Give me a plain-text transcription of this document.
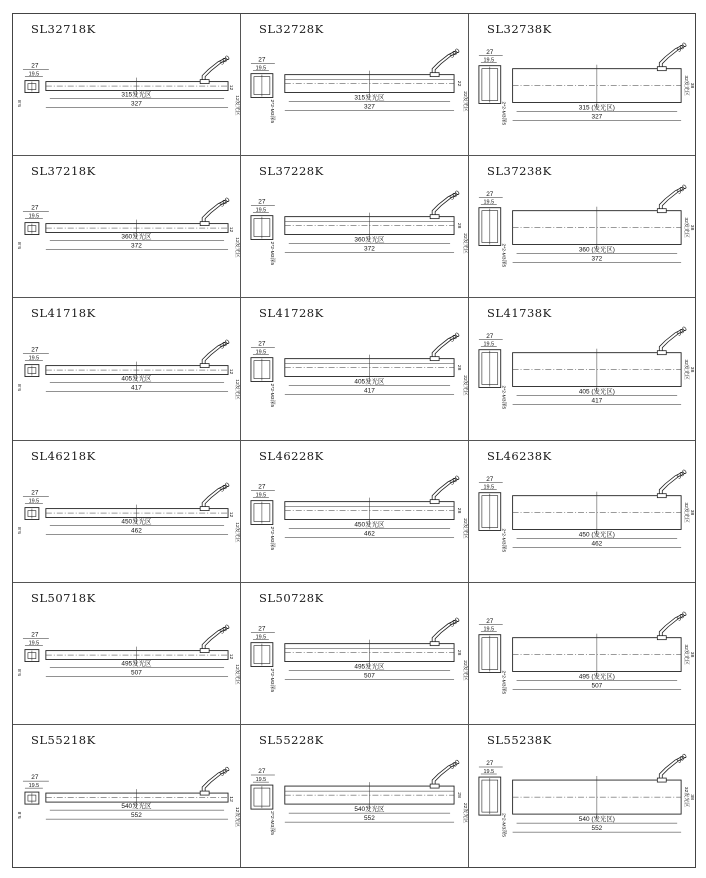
SL32718K
27
19.5
5.8
500
315发光区
327
12
12发光区
SL32728K
27
19.5
2*2-M3深5
500
315发光区
327
22
22发光区
SL32738K
27
19.5
2*2-M3深5
500
315 (发光区)
327
32发光区 38
SL37218K
27
19.5
5.8
500
360发光区
372
12
12发光区
SL37228K
27
19.5
2*2-M3深5
500
360发光区
372
28
22发光区
SL37238K
27
19.5
2*2-M3深5
500
360 (发光区)
372
32发光区 38
SL41718K
27
19.5
5.8
500
405发光区
417
12
12发光区
SL41728K
27
19.5
2*2-M3深5
500
405发光区
417
28
22发光区
SL41738K
27
19.5
2*2-M3深5
500
405 (发光区)
417
32发光区 38
SL46218K
27
19.5
5.8
500
450发光区
462
12
12发光区
SL46228K
27
19.5
2*2-M3深5
500
450发光区
462
28
22发光区
SL46238K
27
19.5
2*2-M3深5
500
450 (发光区)
462
32发光区 38
SL50718K
27
19.5
5.8
500
495发光区
507
12
12发光区
SL50728K
27
19.5
2*2-M3深5
500
495发光区
507
28
22发光区
27
19.5
2*2-M3深5
500
495 (发光区)
507
32发光区 38
SL55218K
27
19.5
5.8
500
540发光区
552
12
12发光区
SL55228K
27
19.5
2*2-M3深5
500
540发光区
552
28
22发光区
SL55238K
27
19.5
2*2-M3深5
500
540 (发光区)
552
32发光区 38
